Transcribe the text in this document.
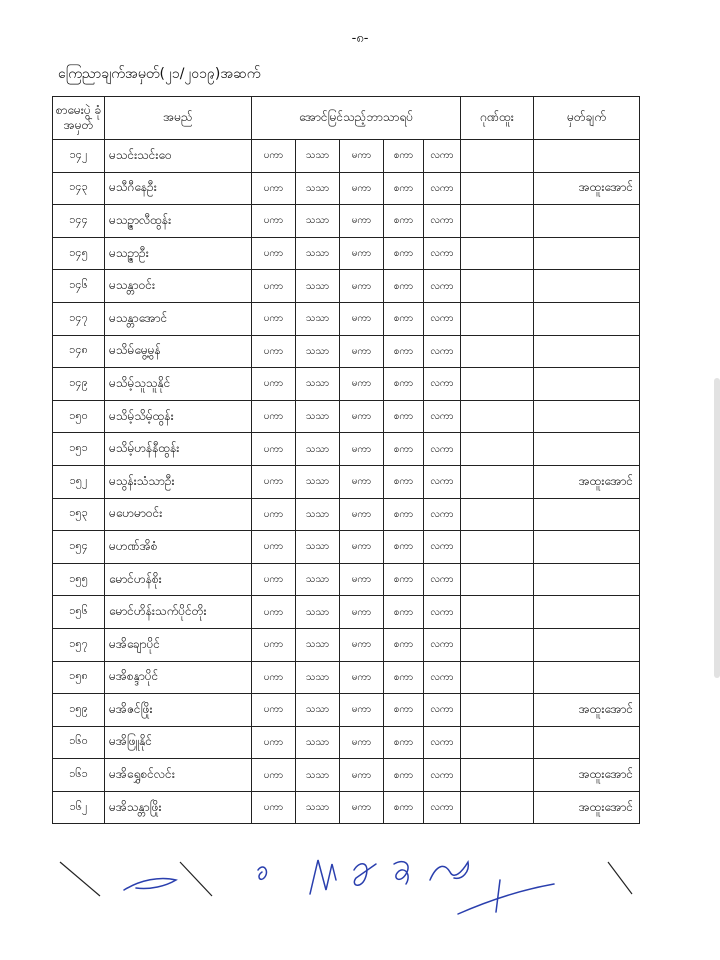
-၈-
ကြေညာချက်အမှတ်(၂၁/၂၀၁၉)အဆက်
စာမေးပွဲ ခုံအမှတ်	အမည်	အောင်မြင်သည့်ဘာသာရပ်					ဂုဏ်ထူး	မှတ်ချက်
၁၄၂	မသင်းသင်းဝေ	ပကာ	သသာ	မကာ	စကာ	လကာ		
၁၄၃	မသီဂီနေဦး	ပကာ	သသာ	မကာ	စကာ	လကာ		အထူးအောင်
၁၄၄	မသဉ္ဇာလီထွန်း	ပကာ	သသာ	မကာ	စကာ	လကာ		
၁၄၅	မသဉ္ဇာဦး	ပကာ	သသာ	မကာ	စကာ	လကာ		
၁၄၆	မသန္တာဝင်း	ပကာ	သသာ	မကာ	စကာ	လကာ		
၁၄၇	မသန္တာအောင်	ပကာ	သသာ	မကာ	စကာ	လကာ		
၁၄၈	မသိမ်မွေ့မွန်	ပကာ	သသာ	မကာ	စကာ	လကာ		
၁၄၉	မသိမ့်သူသူနိုင်	ပကာ	သသာ	မကာ	စကာ	လကာ		
၁၅၀	မသိမ့်သိမ့်ထွန်း	ပကာ	သသာ	မကာ	စကာ	လကာ		
၁၅၁	မသိမ့်ဟန်နီထွန်း	ပကာ	သသာ	မကာ	စကာ	လကာ		
၁၅၂	မသွန်းသံသာဦး	ပကာ	သသာ	မကာ	စကာ	လကာ		အထူးအောင်
၁၅၃	မဟေမာဝင်း	ပကာ	သသာ	မကာ	စကာ	လကာ		
၁၅၄	မဟဏ်အိစံ	ပကာ	သသာ	မကာ	စကာ	လကာ		
၁၅၅	မောင်ဟန်စိုး	ပကာ	သသာ	မကာ	စကာ	လကာ		
၁၅၆	မောင်ဟိန်းသက်ပိုင်တိုး	ပကာ	သသာ	မကာ	စကာ	လကာ		
၁၅၇	မအိချောပိုင်	ပကာ	သသာ	မကာ	စကာ	လကာ		
၁၅၈	မအိစန္ဒာပိုင်	ပကာ	သသာ	မကာ	စကာ	လကာ		
၁၅၉	မအိဇင်ဖြိုး	ပကာ	သသာ	မကာ	စကာ	လကာ		အထူးအောင်
၁၆၀	မအိဖြူနိုင်	ပကာ	သသာ	မကာ	စကာ	လကာ		
၁၆၁	မအိရွှေစင်လင်း	ပကာ	သသာ	မကာ	စကာ	လကာ		အထူးအောင်
၁၆၂	မအိသန္တာဖြိုး	ပကာ	သသာ	မကာ	စကာ	လကာ		အထူးအောင်
